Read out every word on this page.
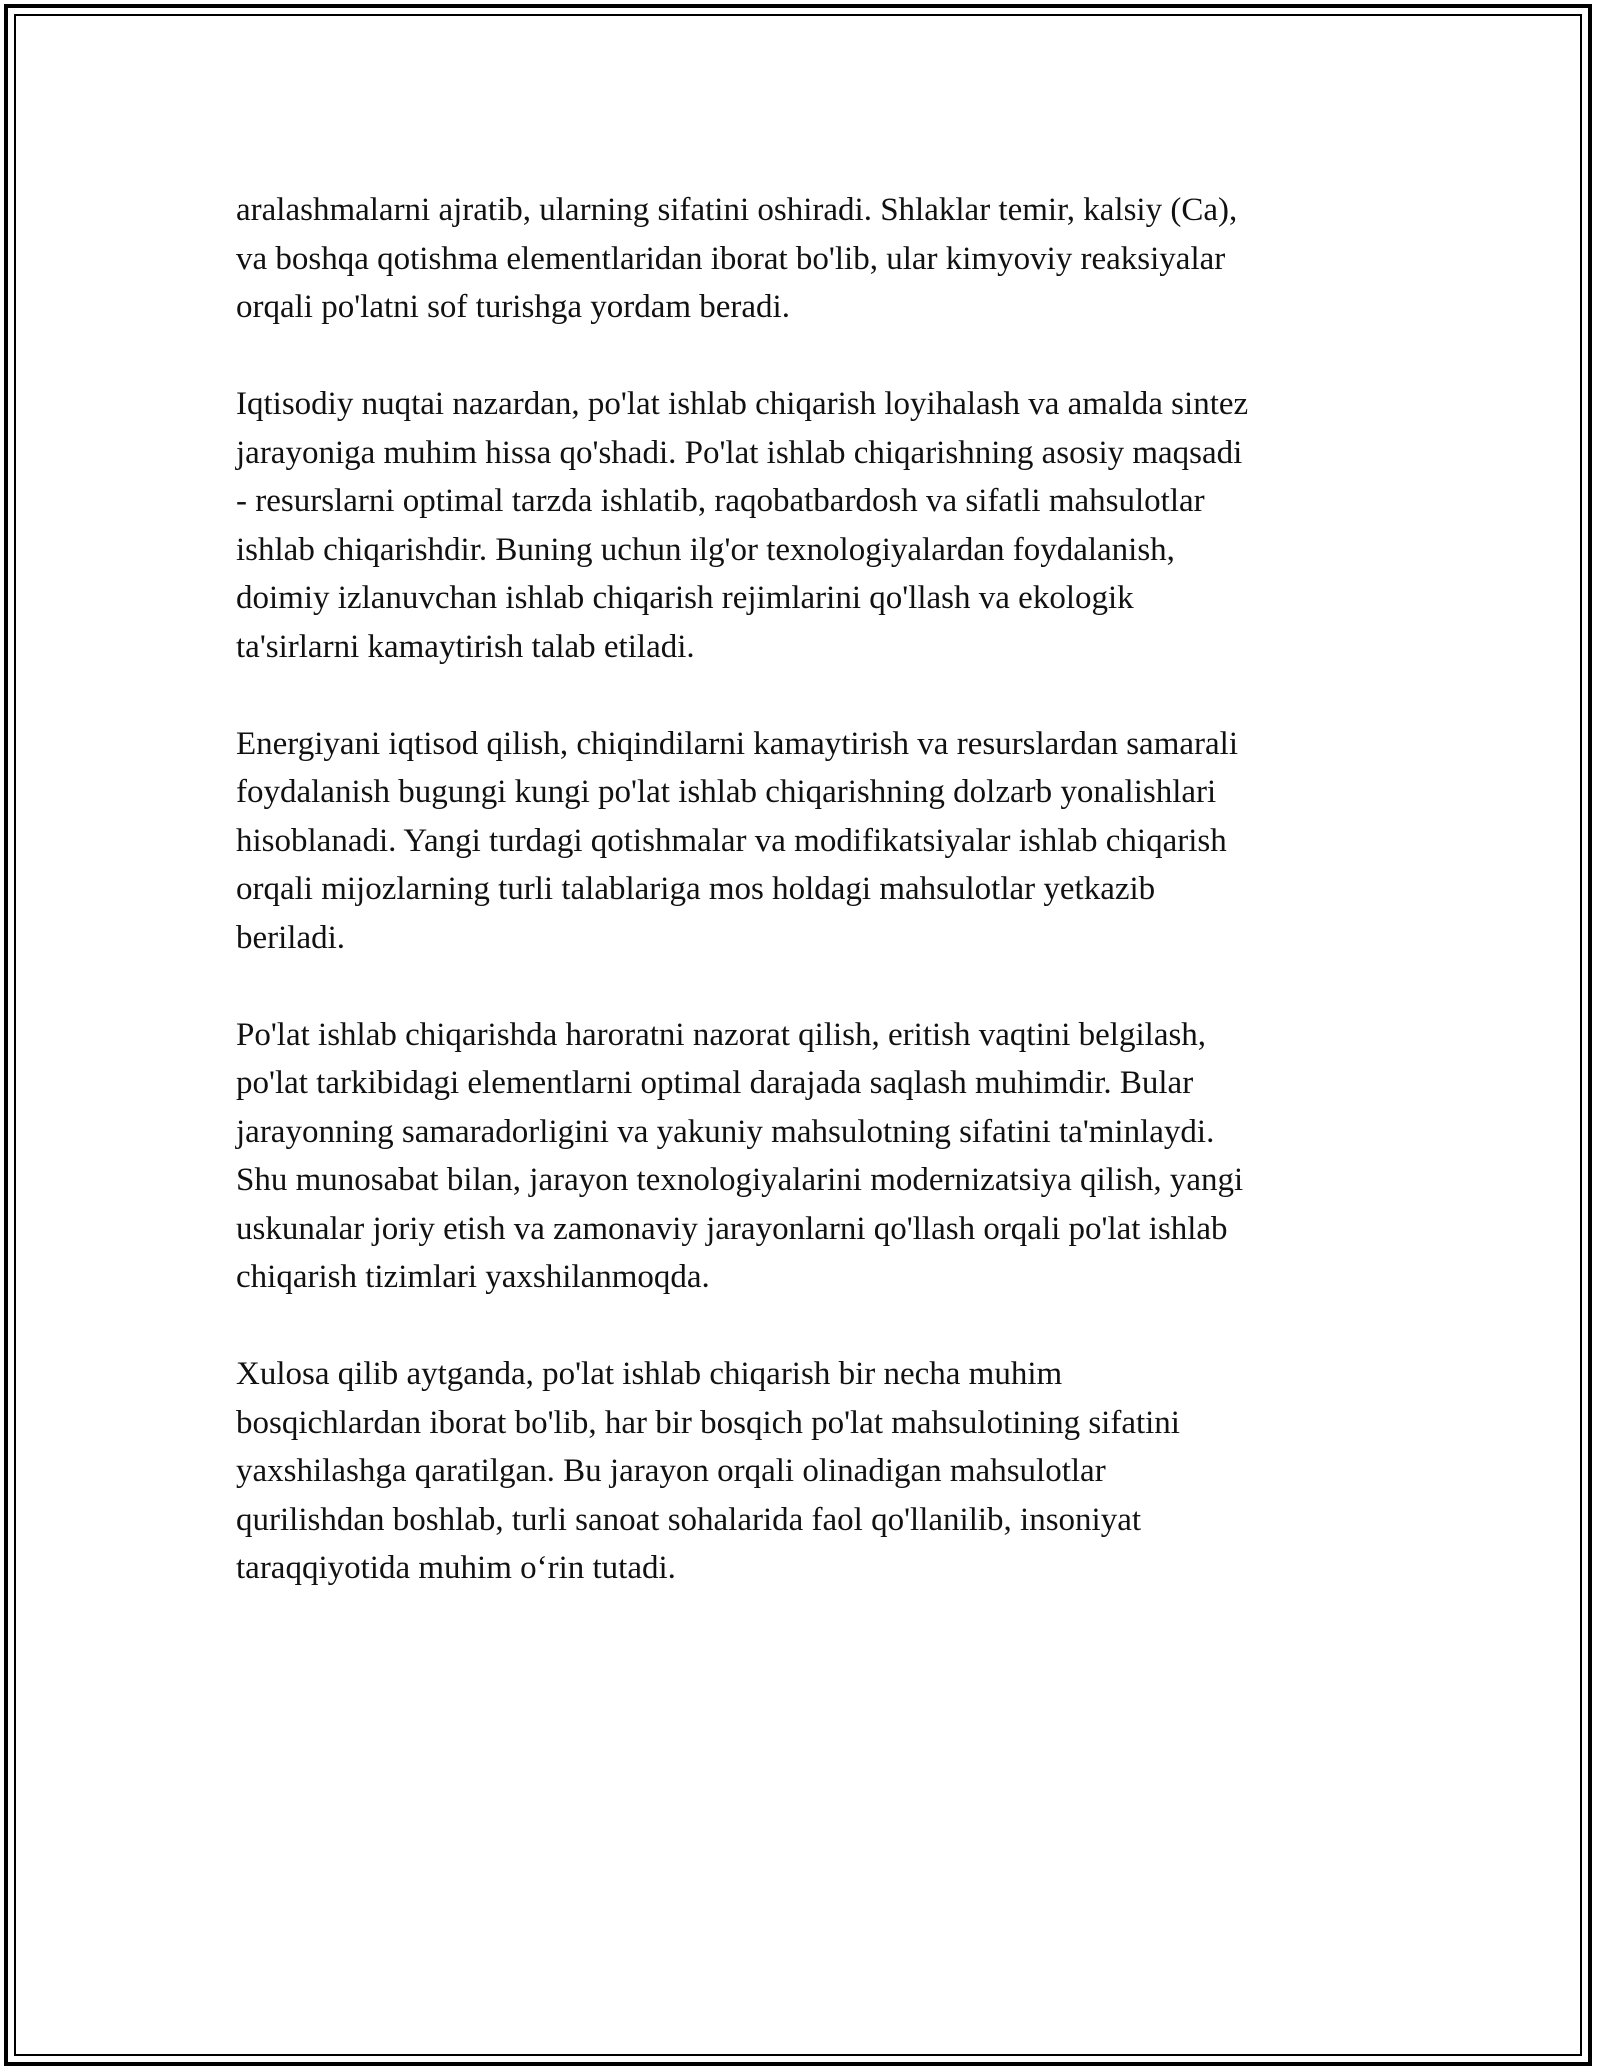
aralashmalarni ajratib, ularning sifatini oshiradi. Shlaklar temir, kalsiy (Ca),
va boshqa qotishma elementlaridan iborat bo'lib, ular kimyoviy reaksiyalar
orqali po'latni sof turishga yordam beradi.

Iqtisodiy nuqtai nazardan, po'lat ishlab chiqarish loyihalash va amalda sintez
jarayoniga muhim hissa qo'shadi. Po'lat ishlab chiqarishning asosiy maqsadi
- resurslarni optimal tarzda ishlatib, raqobatbardosh va sifatli mahsulotlar
ishlab chiqarishdir. Buning uchun ilg'or texnologiyalardan foydalanish,
doimiy izlanuvchan ishlab chiqarish rejimlarini qo'llash va ekologik
ta'sirlarni kamaytirish talab etiladi.

Energiyani iqtisod qilish, chiqindilarni kamaytirish va resurslardan samarali
foydalanish bugungi kungi po'lat ishlab chiqarishning dolzarb yonalishlari
hisoblanadi. Yangi turdagi qotishmalar va modifikatsiyalar ishlab chiqarish
orqali mijozlarning turli talablariga mos holdagi mahsulotlar yetkazib
beriladi.

Po'lat ishlab chiqarishda haroratni nazorat qilish, eritish vaqtini belgilash,
po'lat tarkibidagi elementlarni optimal darajada saqlash muhimdir. Bular
jarayonning samaradorligini va yakuniy mahsulotning sifatini ta'minlaydi.
Shu munosabat bilan, jarayon texnologiyalarini modernizatsiya qilish, yangi
uskunalar joriy etish va zamonaviy jarayonlarni qo'llash orqali po'lat ishlab
chiqarish tizimlari yaxshilanmoqda.

Xulosa qilib aytganda, po'lat ishlab chiqarish bir necha muhim
bosqichlardan iborat bo'lib, har bir bosqich po'lat mahsulotining sifatini
yaxshilashga qaratilgan. Bu jarayon orqali olinadigan mahsulotlar
qurilishdan boshlab, turli sanoat sohalarida faol qo'llanilib, insoniyat
taraqqiyotida muhim o‘rin tutadi.
